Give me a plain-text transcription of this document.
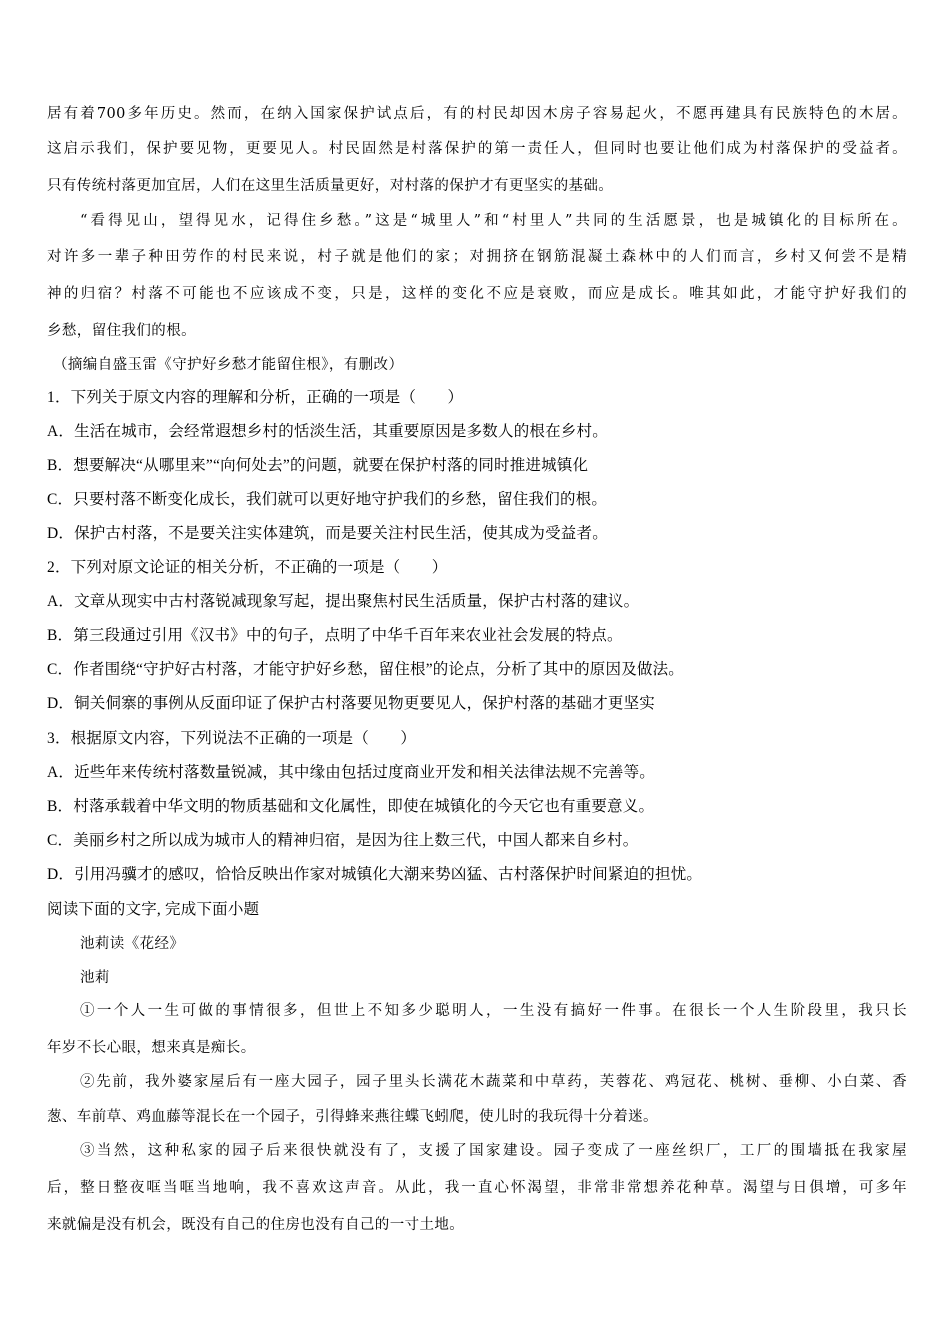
居有着700多年历史。然而，在纳入国家保护试点后，有的村民却因木房子容易起火，不愿再建具有民族特色的木居。
这启示我们，保护要见物，更要见人。村民固然是村落保护的第一责任人，但同时也要让他们成为村落保护的受益者。
只有传统村落更加宜居，人们在这里生活质量更好，对村落的保护才有更坚实的基础。
“看得见山，望得见水，记得住乡愁。”这是“城里人”和“村里人”共同的生活愿景，也是城镇化的目标所在。
对许多一辈子种田劳作的村民来说，村子就是他们的家；对拥挤在钢筋混凝土森林中的人们而言，乡村又何尝不是精
神的归宿？村落不可能也不应该成不变，只是，这样的变化不应是衰败，而应是成长。唯其如此，才能守护好我们的
乡愁，留住我们的根。
（摘编自盛玉雷《守护好乡愁才能留住根》，有删改）
1．下列关于原文内容的理解和分析，正确的一项是（　　）
A．生活在城市，会经常遐想乡村的恬淡生活，其重要原因是多数人的根在乡村。
B．想要解决“从哪里来”“向何处去”的问题，就要在保护村落的同时推进城镇化
C．只要村落不断变化成长，我们就可以更好地守护我们的乡愁，留住我们的根。
D．保护古村落，不是要关注实体建筑，而是要关注村民生活，使其成为受益者。
2．下列对原文论证的相关分析，不正确的一项是（　　）
A．文章从现实中古村落锐减现象写起，提出聚焦村民生活质量，保护古村落的建议。
B．第三段通过引用《汉书》中的句子，点明了中华千百年来农业社会发展的特点。
C．作者围绕“守护好古村落，才能守护好乡愁，留住根”的论点，分析了其中的原因及做法。
D．铜关侗寨的事例从反面印证了保护古村落要见物更要见人，保护村落的基础才更坚实
3．根据原文内容，下列说法不正确的一项是（　　）
A．近些年来传统村落数量锐减，其中缘由包括过度商业开发和相关法律法规不完善等。
B．村落承载着中华文明的物质基础和文化属性，即使在城镇化的今天它也有重要意义。
C．美丽乡村之所以成为城市人的精神归宿，是因为往上数三代，中国人都来自乡村。
D．引用冯骥才的感叹，恰恰反映出作家对城镇化大潮来势凶猛、古村落保护时间紧迫的担忧。
阅读下面的文字, 完成下面小题
池莉读《花经》
池莉
①一个人一生可做的事情很多，但世上不知多少聪明人，一生没有搞好一件事。在很长一个人生阶段里，我只长
年岁不长心眼，想来真是痴长。
②先前，我外婆家屋后有一座大园子，园子里头长满花木蔬菜和中草药，芙蓉花、鸡冠花、桃树、垂柳、小白菜、香
葱、车前草、鸡血藤等混长在一个园子，引得蜂来燕往蝶飞蚓爬，使儿时的我玩得十分着迷。
③当然，这种私家的园子后来很快就没有了，支援了国家建设。园子变成了一座丝织厂，工厂的围墙抵在我家屋
后，整日整夜哐当哐当地响，我不喜欢这声音。从此，我一直心怀渴望，非常非常想养花种草。渴望与日俱增，可多年
来就偏是没有机会，既没有自己的住房也没有自己的一寸土地。
